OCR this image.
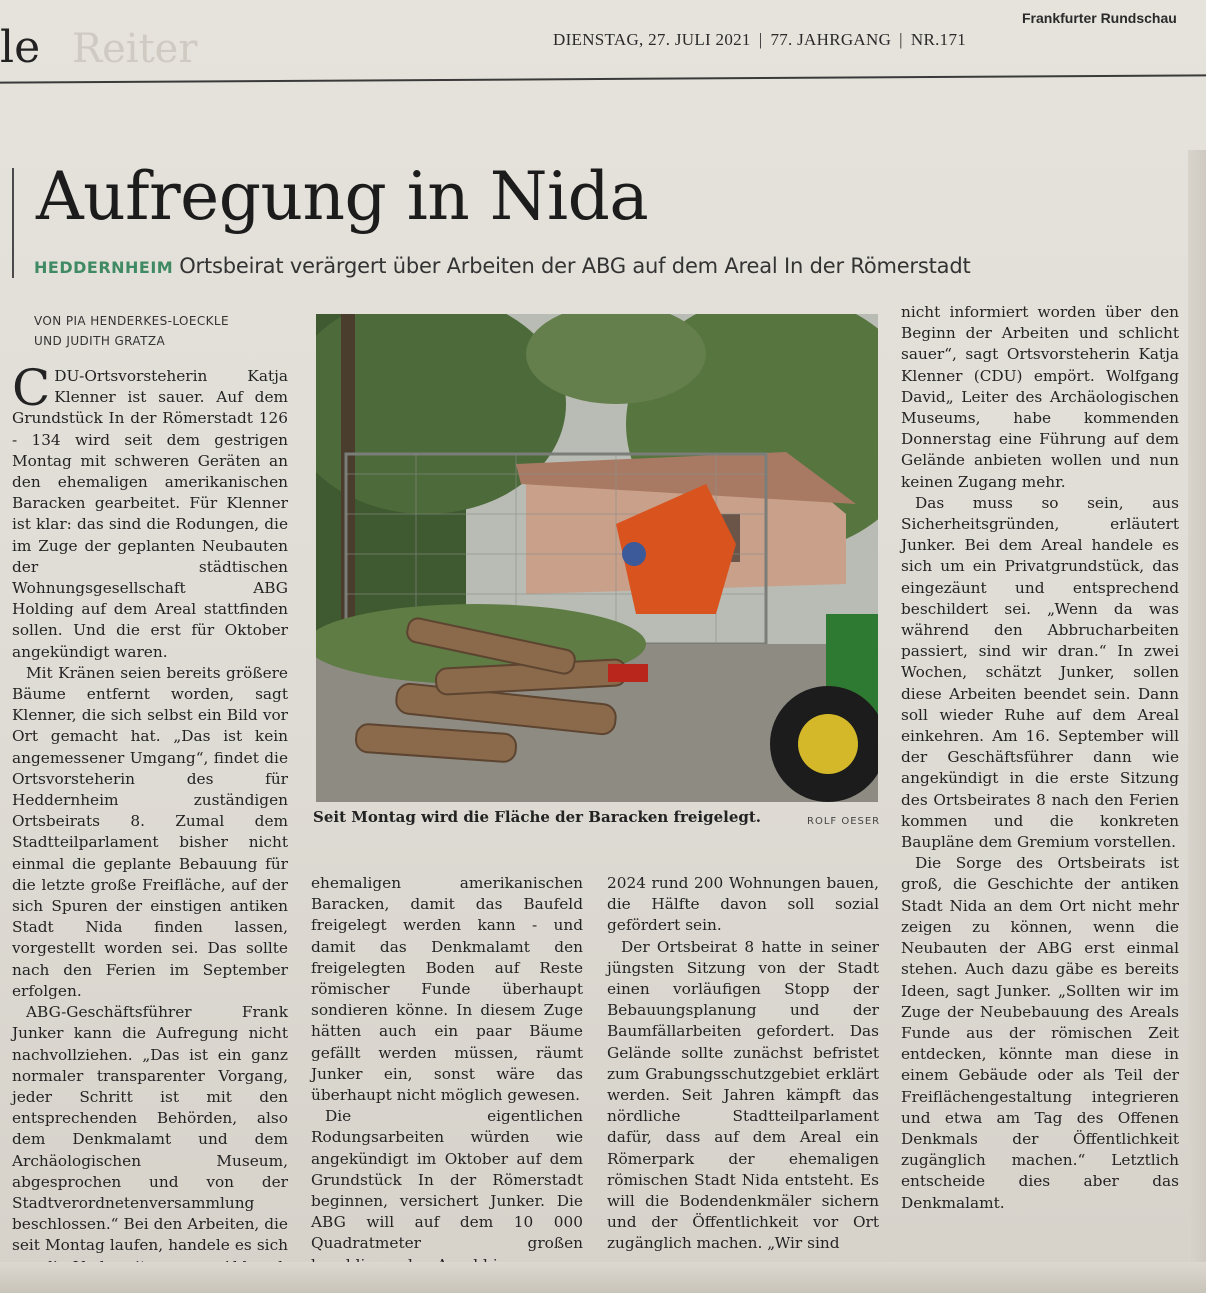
le Reiter	DIENSTAG, 27. JULI 2021 | 77. JAHRGANG | NR.171
Frankfurter Rundschau
Aufregung in Nida
HEDDERNHEIM Ortsbeirat verärgert über Arbeiten der ABG auf dem Areal In der Römerstadt
VON PIA HENDERKES-LOECKLE
UND JUDITH GRATZA

CDU-Ortsvorsteherin Katja Klenner ist sauer. Auf dem Grundstück In der Römerstadt 126 - 134 wird seit dem gestrigen Montag mit schweren Geräten an den ehemaligen amerikanischen Baracken gearbeitet. Für Klenner ist klar: das sind die Rodungen, die im Zuge der geplanten Neubauten der städtischen Wohnungsgesellschaft ABG Holding auf dem Areal stattfinden sollen. Und die erst für Oktober angekündigt waren.

Mit Kränen seien bereits größere Bäume entfernt worden, sagt Klenner, die sich selbst ein Bild vor Ort gemacht hat. „Das ist kein angemessener Umgang“, findet die Ortsvorsteherin des für Heddernheim zuständigen Ortsbeirats 8. Zumal dem Stadtteilparlament bisher nicht einmal die geplante Bebauung für die letzte große Freifläche, auf der sich Spuren der einstigen antiken Stadt Nida finden lassen, vorgestellt worden sei. Das sollte nach den Ferien im September erfolgen.

ABG-Geschäftsführer Frank Junker kann die Aufregung nicht nachvollziehen. „Das ist ein ganz normaler transparenter Vorgang, jeder Schritt ist mit den entsprechenden Behörden, also dem Denkmalamt und dem Archäologischen Museum, abgesprochen und von der Stadtverordnetenversammlung beschlossen.“ Bei den Arbeiten, die seit Montag laufen, handele es sich

Seit Montag wird die Fläche der Baracken freigelegt.	ROLF OESER

ehemaligen amerikanischen Baracken, damit das Baufeld freigelegt werden kann - und damit das Denkmalamt den freigelegten Boden auf Reste römischer Funde überhaupt sondieren könne. In diesem Zuge hätten auch ein paar Bäume gefällt werden müssen, räumt Junker ein, sonst wäre das überhaupt nicht möglich gewesen.

Die eigentlichen Rodungsarbeiten würden wie angekündigt im Oktober auf dem Grundstück In der Römerstadt beginnen, versichert Junker. Die ABG will auf dem 10 000 Quadratmeter großen

2024 rund 200 Wohnungen bauen, die Hälfte davon soll sozial gefördert sein.

Der Ortsbeirat 8 hatte in seiner jüngsten Sitzung von der Stadt einen vorläufigen Stopp der Bebauungsplanung und der Baumfällarbeiten gefordert. Das Gelände sollte zunächst befristet zum Grabungsschutzgebiet erklärt werden. Seit Jahren kämpft das nördliche Stadtteilparlament dafür, dass auf dem Areal ein Römerpark der ehemaligen römischen Stadt Nida entsteht. Es will die Bodendenkmäler sichern und der Öffentlichkeit vor Ort zugänglich machen. „Wir sind

nicht informiert worden über den Beginn der Arbeiten und schlicht sauer“, sagt Ortsvorsteherin Katja Klenner (CDU) empört. Wolfgang David„ Leiter des Archäologischen Museums, habe kommenden Donnerstag eine Führung auf dem Gelände anbieten wollen und nun keinen Zugang mehr.

Das muss so sein, aus Sicherheitsgründen, erläutert Junker. Bei dem Areal handele es sich um ein Privatgrundstück, das eingezäunt und entsprechend beschildert sei. „Wenn da was während den Abbrucharbeiten passiert, sind wir dran.“ In zwei Wochen, schätzt Junker, sollen diese Arbeiten beendet sein. Dann soll wieder Ruhe auf dem Areal einkehren. Am 16. September will der Geschäftsführer dann wie angekündigt in die erste Sitzung des Ortsbeirates 8 nach den Ferien kommen und die konkreten Baupläne dem Gremium vorstellen.

Die Sorge des Ortsbeirats ist groß, die Geschichte der antiken Stadt Nida an dem Ort nicht mehr zeigen zu können, wenn die Neubauten der ABG erst einmal stehen. Auch dazu gäbe es bereits Ideen, sagt Junker. „Sollten wir im Zuge der Neubebauung des Areals Funde aus der römischen Zeit entdecken, könnte man diese in einem Gebäude oder als Teil der Freiflächengestaltung integrieren und etwa am Tag des Offenen Denkmals der Öffentlichkeit zugänglich machen.“ Letztlich entscheide dies aber das Denkmalamt.
